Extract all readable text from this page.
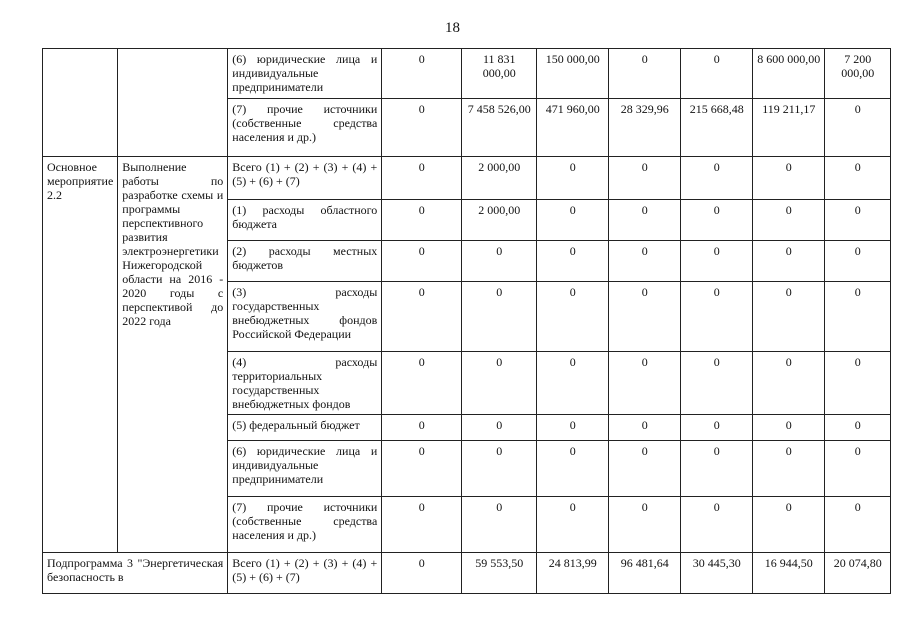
18
		(6) юридические лица и индивидуальные предприниматели	0	11 831 000,00	150 000,00	0	0	8 600 000,00	7 200 000,00
		(7) прочие источники (собственные средства населения и др.)	0	7 458 526,00	471 960,00	28 329,96	215 668,48	119 211,17	0
Основное мероприятие 2.2	Выполнение работы по разработке схемы и программы перспективного развития электроэнергетики Нижегородской области на 2016 - 2020 годы с перспективой до 2022 года	Всего (1) + (2) + (3) + (4) + (5) + (6) + (7)	0	2 000,00	0	0	0	0	0
		(1) расходы областного бюджета	0	2 000,00	0	0	0	0	0
		(2) расходы местных бюджетов	0	0	0	0	0	0	0
		(3) расходы государственных внебюджетных фондов Российской Федерации	0	0	0	0	0	0	0
		(4) расходы территориальных государственных внебюджетных фондов	0	0	0	0	0	0	0
		(5) федеральный бюджет	0	0	0	0	0	0	0
		(6) юридические лица и индивидуальные предприниматели	0	0	0	0	0	0	0
		(7) прочие источники (собственные средства населения и др.)	0	0	0	0	0	0	0
Подпрограмма 3 "Энергетическая безопасность в		Всего (1) + (2) + (3) + (4) + (5) + (6) + (7)	0	59 553,50	24 813,99	96 481,64	30 445,30	16 944,50	20 074,80
